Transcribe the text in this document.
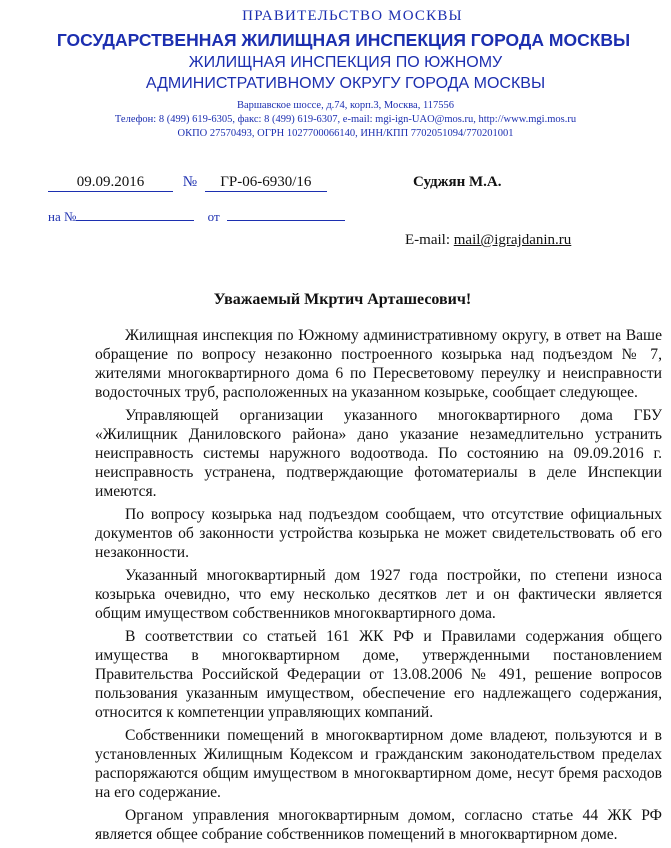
ПРАВИТЕЛЬСТВО МОСКВЫ
ГОСУДАРСТВЕННАЯ ЖИЛИЩНАЯ ИНСПЕКЦИЯ ГОРОДА МОСКВЫ
ЖИЛИЩНАЯ ИНСПЕКЦИЯ ПО ЮЖНОМУ
АДМИНИСТРАТИВНОМУ ОКРУГУ ГОРОДА МОСКВЫ
Варшавское шоссе, д.74, корп.3, Москва, 117556
Телефон: 8 (499) 619-6305, факс: 8 (499) 619-6307, e-mail: mgi-ign-UAO@mos.ru, http://www.mgi.mos.ru
ОКПО 27570493, ОГРН 1027700066140, ИНН/КПП 7702051094/770201001
09.09.2016	№ ГР-06-6930/16
на №	от
Суджян М.А.
E-mail: mail@igrajdanin.ru
Уважаемый Мкртич Арташесович!

Жилищная инспекция по Южному административному округу, в ответ на Ваше обращение по вопросу незаконно построенного козырька над подъездом № 7, жителями многоквартирного дома 6 по Пересветовому переулку и неисправности водосточных труб, расположенных на указанном козырьке, сообщает следующее.

Управляющей организации указанного многоквартирного дома ГБУ «Жилищник Даниловского района» дано указание незамедлительно устранить неисправность системы наружного водоотвода. По состоянию на 09.09.2016 г. неисправность устранена, подтверждающие фотоматериалы в деле Инспекции имеются.

По вопросу козырька над подъездом сообщаем, что отсутствие официальных документов об законности устройства козырька не может свидетельствовать об его незаконности.

Указанный многоквартирный дом 1927 года постройки, по степени износа козырька очевидно, что ему несколько десятков лет и он фактически является общим имуществом собственников многоквартирного дома.

В соответствии со статьей 161 ЖК РФ и Правилами содержания общего имущества в многоквартирном доме, утвержденными постановлением Правительства Российской Федерации от 13.08.2006 № 491, решение вопросов пользования указанным имуществом, обеспечение его надлежащего содержания, относится к компетенции управляющих компаний.

Собственники помещений в многоквартирном доме владеют, пользуются и в установленных Жилищным Кодексом и гражданским законодательством пределах распоряжаются общим имуществом в многоквартирном доме, несут бремя расходов на его содержание.

Органом управления многоквартирным домом, согласно статье 44 ЖК РФ является общее собрание собственников помещений в многоквартирном доме.
